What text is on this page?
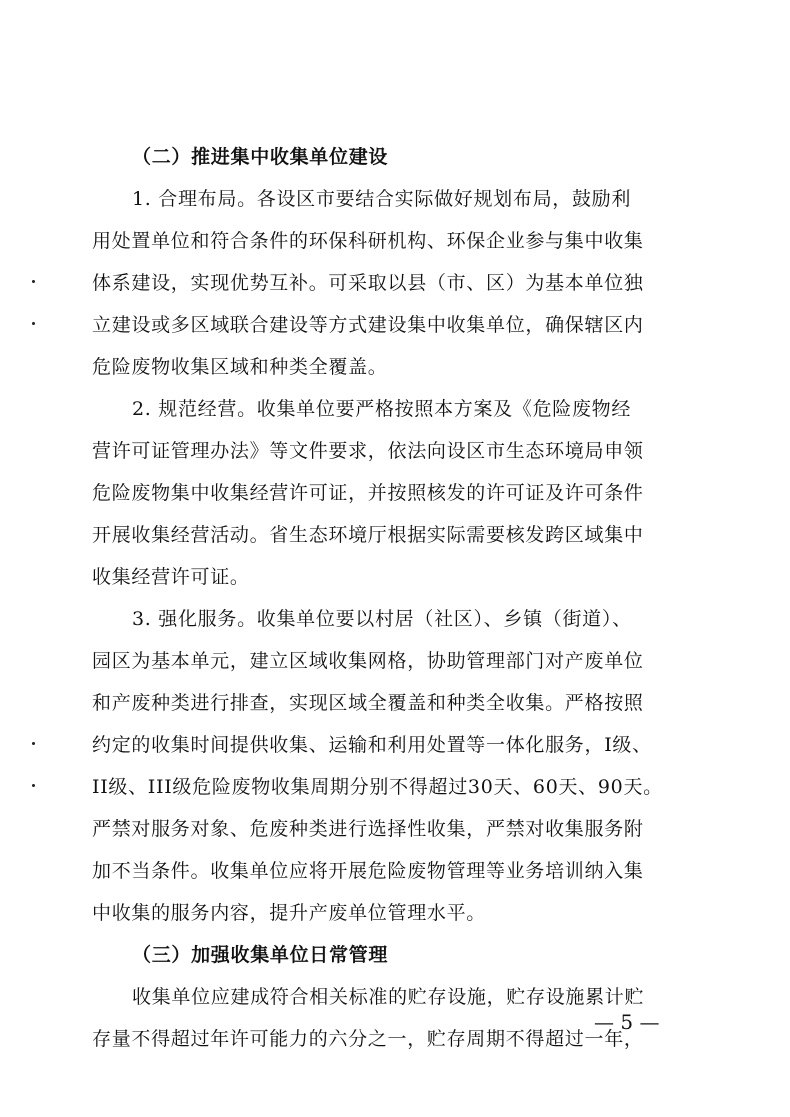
（二）推进集中收集单位建设
1. 合理布局。各设区市要结合实际做好规划布局，鼓励利
用处置单位和符合条件的环保科研机构、环保企业参与集中收集
体系建设，实现优势互补。可采取以县（市、区）为基本单位独
立建设或多区域联合建设等方式建设集中收集单位，确保辖区内
危险废物收集区域和种类全覆盖。
2. 规范经营。收集单位要严格按照本方案及《危险废物经
营许可证管理办法》等文件要求，依法向设区市生态环境局申领
危险废物集中收集经营许可证，并按照核发的许可证及许可条件
开展收集经营活动。省生态环境厅根据实际需要核发跨区域集中
收集经营许可证。
3. 强化服务。收集单位要以村居（社区）、乡镇（街道）、
园区为基本单元，建立区域收集网格，协助管理部门对产废单位
和产废种类进行排查，实现区域全覆盖和种类全收集。严格按照
约定的收集时间提供收集、运输和利用处置等一体化服务，I级、
II级、III级危险废物收集周期分别不得超过30天、60天、90天。
严禁对服务对象、危废种类进行选择性收集，严禁对收集服务附
加不当条件。收集单位应将开展危险废物管理等业务培训纳入集
中收集的服务内容，提升产废单位管理水平。
（三）加强收集单位日常管理
收集单位应建成符合相关标准的贮存设施，贮存设施累计贮
存量不得超过年许可能力的六分之一，贮存周期不得超过一年，
— 5 —
